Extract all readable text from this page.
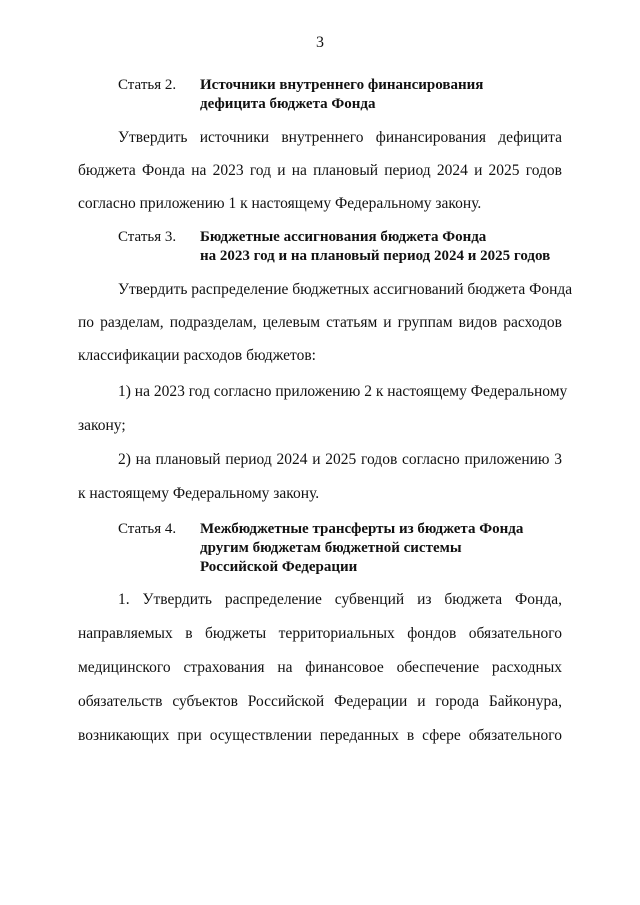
3
Статья 2.	Источники внутреннего финансирования
дефицита бюджета Фонда
Утвердить источники внутреннего финансирования дефицита
бюджета Фонда на 2023 год и на плановый период 2024 и 2025 годов
согласно приложению 1 к настоящему Федеральному закону.
Статья 3.	Бюджетные ассигнования бюджета Фонда
на 2023 год и на плановый период 2024 и 2025 годов
Утвердить распределение бюджетных ассигнований бюджета Фонда
по разделам, подразделам, целевым статьям и группам видов расходов
классификации расходов бюджетов:
1) на 2023 год согласно приложению 2 к настоящему Федеральному
закону;
2) на плановый период 2024 и 2025 годов согласно приложению 3
к настоящему Федеральному закону.
Статья 4.	Межбюджетные трансферты из бюджета Фонда
другим бюджетам бюджетной системы
Российской Федерации
1. Утвердить распределение субвенций из бюджета Фонда,
направляемых в бюджеты территориальных фондов обязательного
медицинского страхования на финансовое обеспечение расходных
обязательств субъектов Российской Федерации и города Байконура,
возникающих при осуществлении переданных в сфере обязательного
